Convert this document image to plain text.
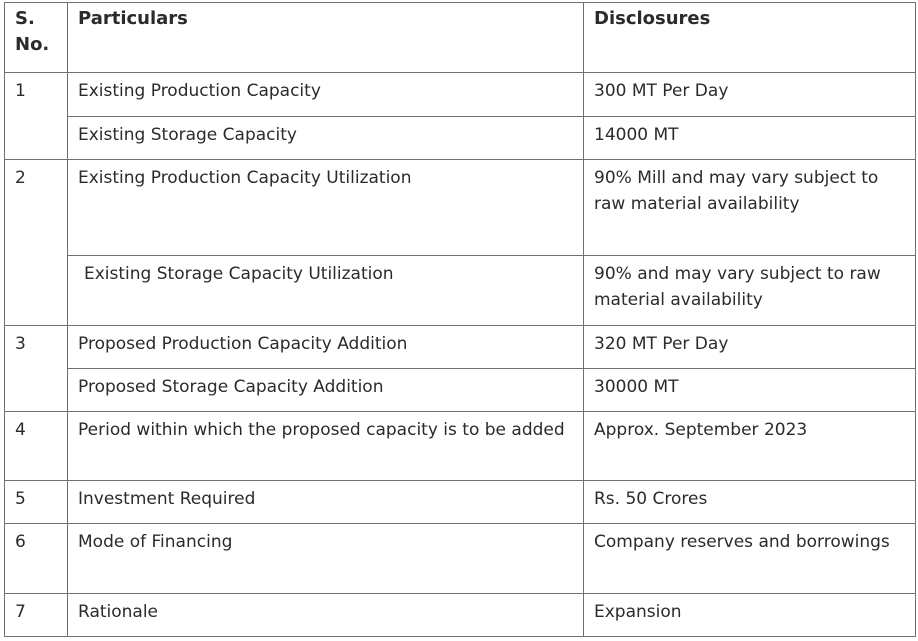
S. No.	Particulars	Disclosures
1	Existing Production Capacity	300 MT Per Day
	Existing Storage Capacity	14000 MT
2	Existing Production Capacity Utilization	90% Mill and may vary subject to raw material availability
	Existing Storage Capacity Utilization	90% and may vary subject to raw material availability
3	Proposed Production Capacity Addition	320 MT Per Day
	Proposed Storage Capacity Addition	30000 MT
4	Period within which the proposed capacity is to be added	Approx. September 2023
5	Investment Required	Rs. 50 Crores
6	Mode of Financing	Company reserves and borrowings
7	Rationale	Expansion
